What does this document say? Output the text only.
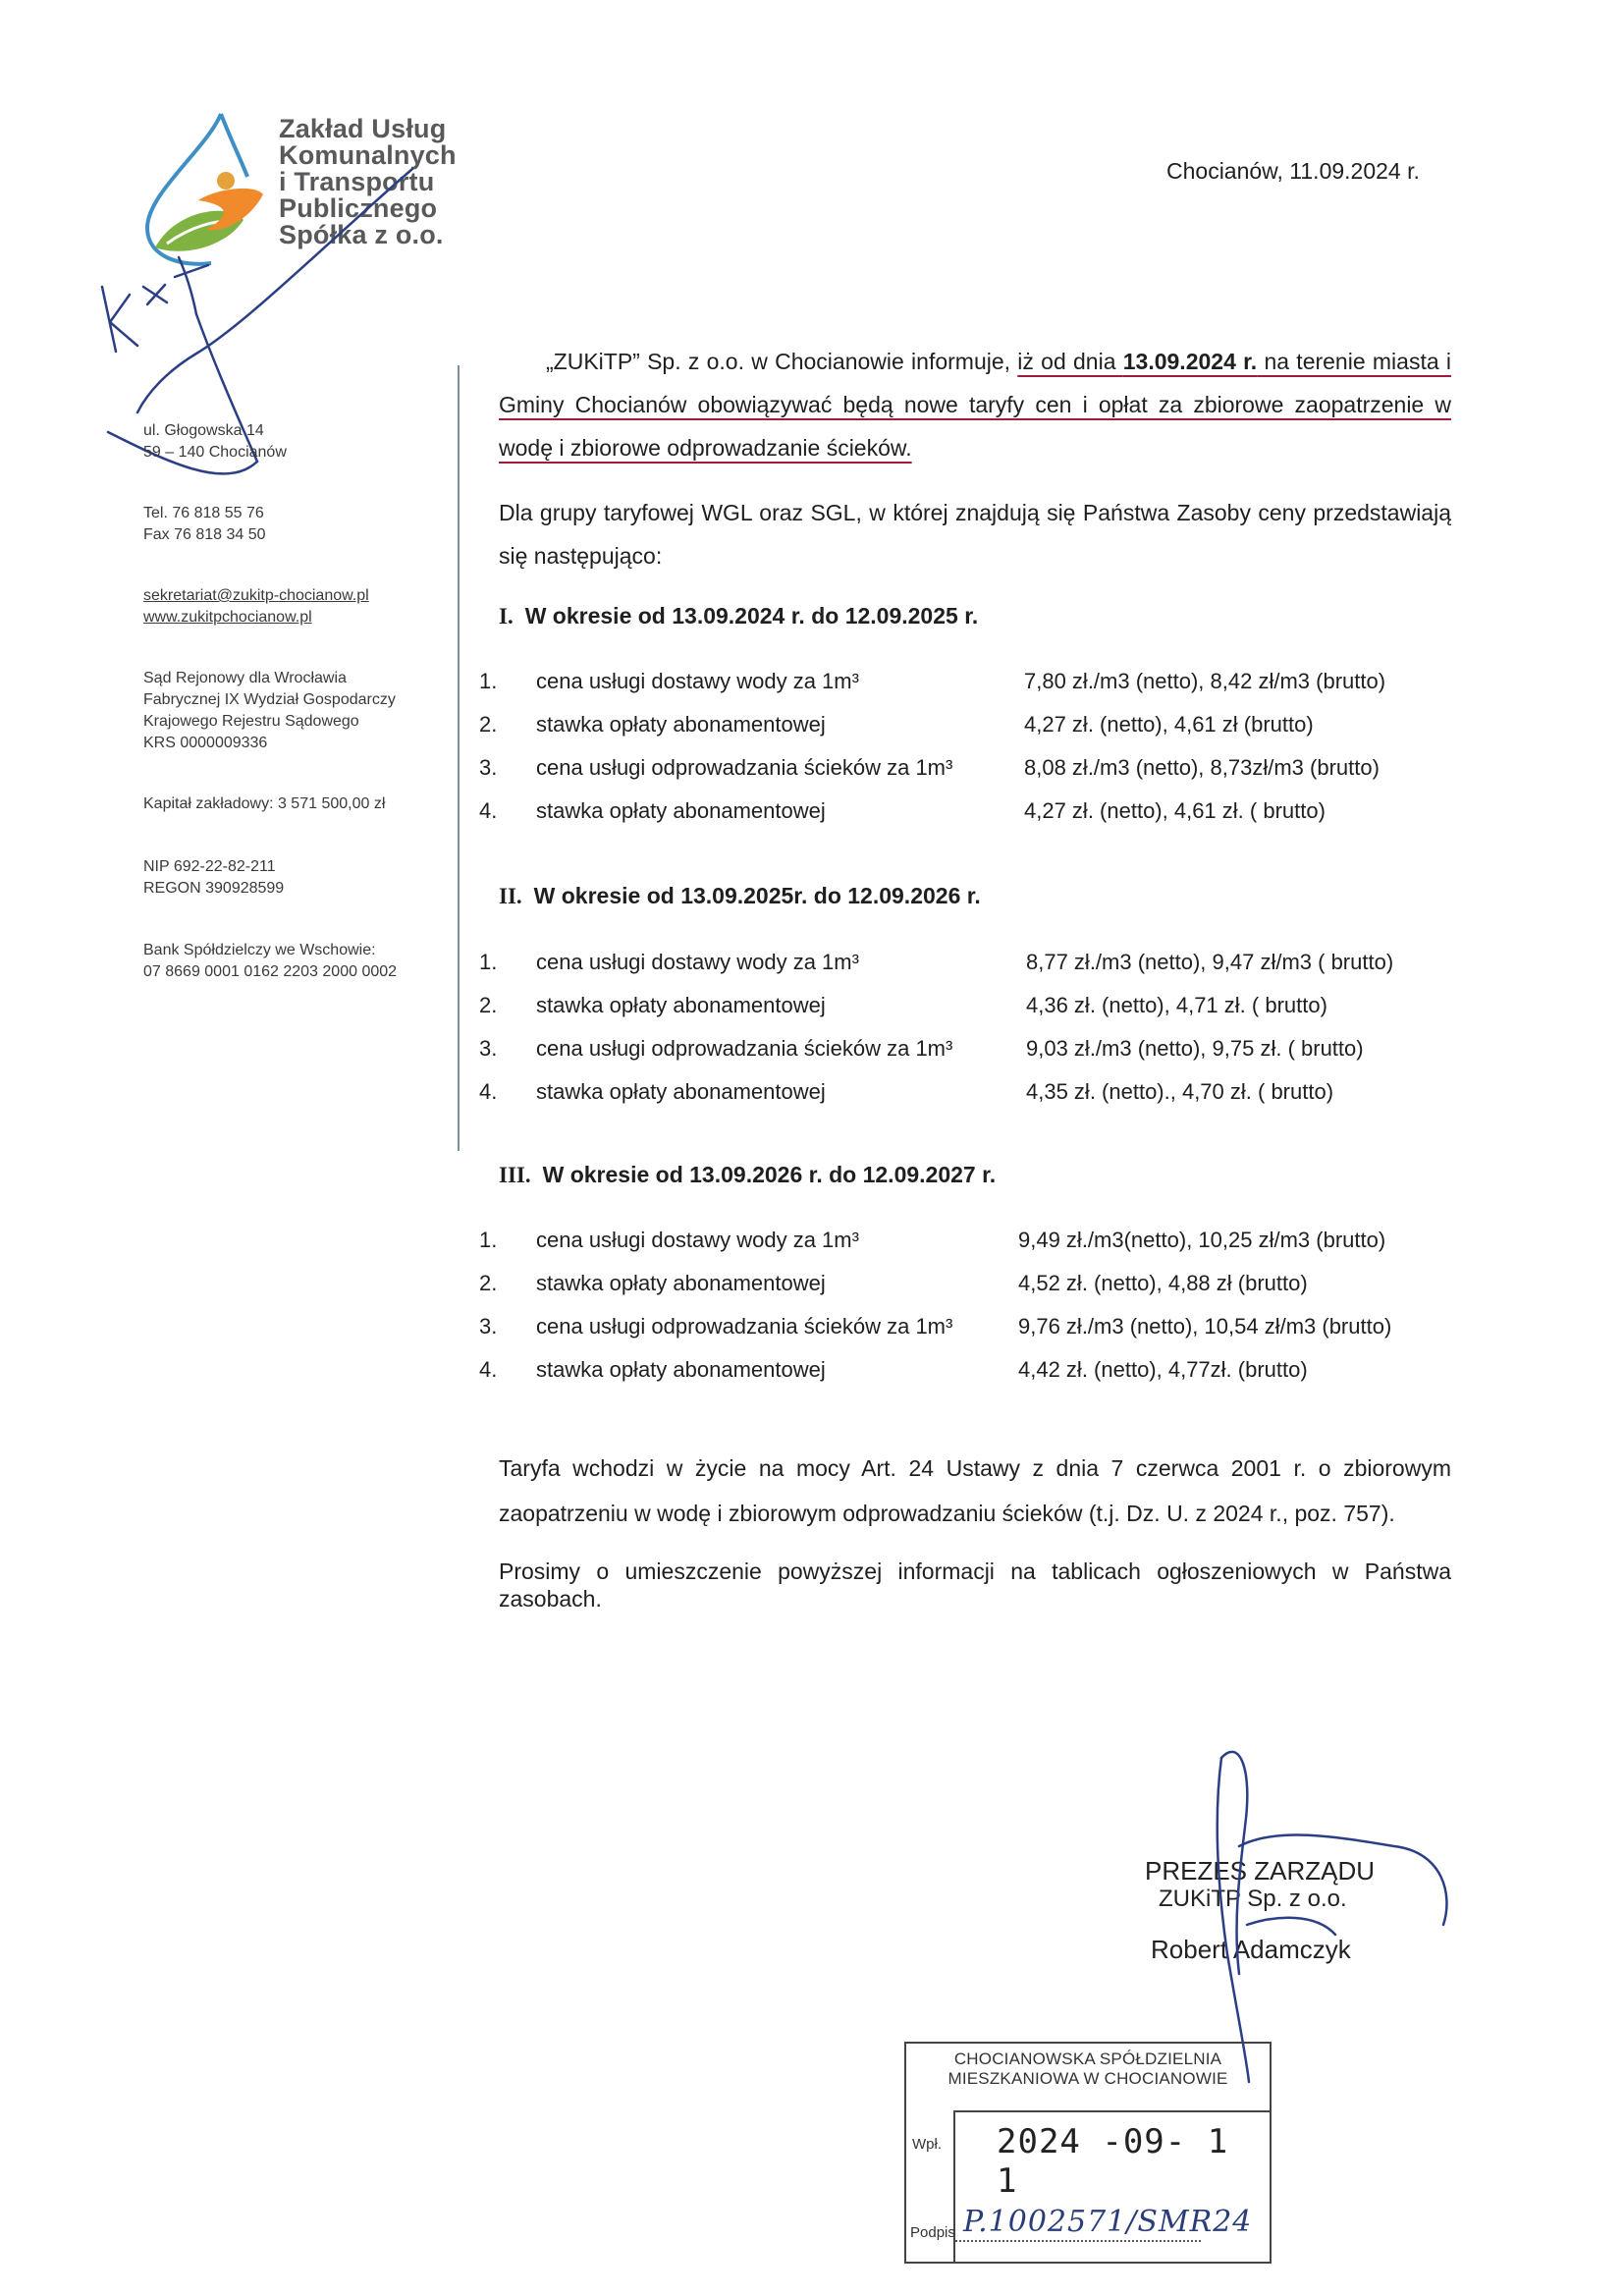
Zakład Usług
Komunalnych
i Transportu
Publicznego
Spółka z o.o.
ul. Głogowska 14
59 – 140 Chocianów
Tel. 76 818 55 76
Fax 76 818 34 50
sekretariat@zukitp-chocianow.pl
www.zukitpchocianow.pl
Sąd Rejonowy dla Wrocławia
Fabrycznej IX Wydział Gospodarczy
Krajowego Rejestru Sądowego
KRS 0000009336
Kapitał zakładowy: 3 571 500,00 zł
NIP 692-22-82-211
REGON 390928599
Bank Spółdzielczy we Wschowie:
07 8669 0001 0162 2203 2000 0002
Chocianów, 11.09.2024 r.

„ZUKiTP” Sp. z o.o. w Chocianowie informuje, iż od dnia 13.09.2024 r. na terenie miasta i Gminy Chocianów obowiązywać będą nowe taryfy cen i opłat za zbiorowe zaopatrzenie w wodę i zbiorowe odprowadzanie ścieków.

Dla grupy taryfowej WGL oraz SGL, w której znajdują się Państwa Zasoby ceny przedstawiają się następująco:

I. W okresie od 13.09.2024 r. do 12.09.2025 r.
1. cena usługi dostawy wody za 1m³	7,80 zł./m3 (netto), 8,42 zł/m3 (brutto)
2. stawka opłaty abonamentowej	4,27 zł. (netto), 4,61 zł (brutto)
3. cena usługi odprowadzania ścieków za 1m³	8,08 zł./m3 (netto), 8,73zł/m3 (brutto)
4. stawka opłaty abonamentowej	4,27 zł. (netto), 4,61 zł. ( brutto)
II. W okresie od 13.09.2025r. do 12.09.2026 r.
1. cena usługi dostawy wody za 1m³	8,77 zł./m3 (netto), 9,47 zł/m3 ( brutto)
2. stawka opłaty abonamentowej	4,36 zł. (netto), 4,71 zł. ( brutto)
3. cena usługi odprowadzania ścieków za 1m³	9,03 zł./m3 (netto), 9,75 zł. ( brutto)
4. stawka opłaty abonamentowej	4,35 zł. (netto)., 4,70 zł. ( brutto)
III. W okresie od 13.09.2026 r. do 12.09.2027 r.
1. cena usługi dostawy wody za 1m³	9,49 zł./m3(netto), 10,25 zł/m3 (brutto)
2. stawka opłaty abonamentowej	4,52 zł. (netto), 4,88 zł (brutto)
3. cena usługi odprowadzania ścieków za 1m³	9,76 zł./m3 (netto), 10,54 zł/m3 (brutto)
4. stawka opłaty abonamentowej	4,42 zł. (netto), 4,77zł. (brutto)

Taryfa wchodzi w życie na mocy Art. 24 Ustawy z dnia 7 czerwca 2001 r. o zbiorowym zaopatrzeniu w wodę i zbiorowym odprowadzaniu ścieków (t.j. Dz. U. z 2024 r., poz. 757).

Prosimy o umieszczenie powyższej informacji na tablicach ogłoszeniowych w Państwa zasobach.

PREZES ZARZĄDU
ZUKiTP Sp. z o.o.
Robert Adamczyk
CHOCIANOWSKA SPÓŁDZIELNIA
MIESZKANIOWA W CHOCIANOWIE
Wpł. 2024 -09- 1 1
Podpis P.1002571/SMR24
